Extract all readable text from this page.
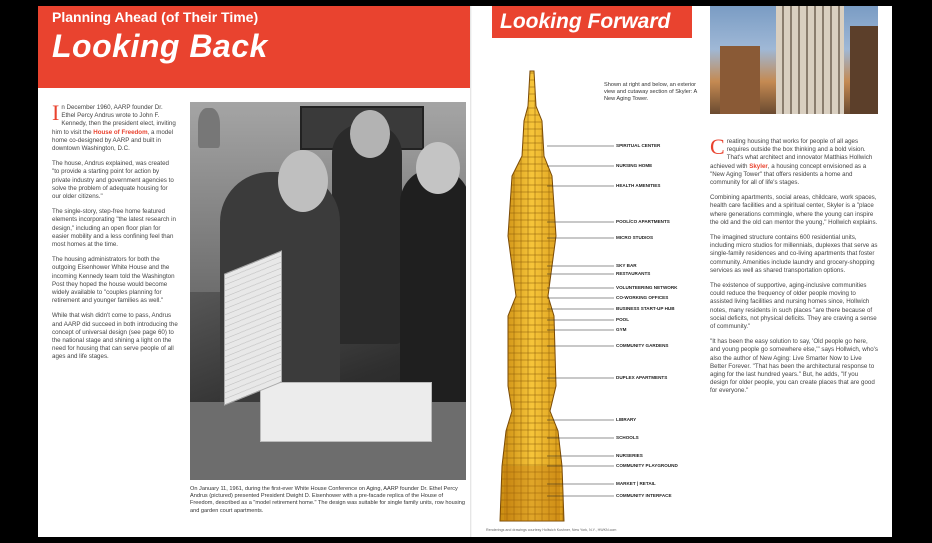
Planning Ahead (of Their Time)
Looking Back

In December 1960, AARP founder Dr. Ethel Percy Andrus wrote to John F. Kennedy, then the president elect, inviting him to visit the House of Freedom, a model home co-designed by AARP and built in downtown Washington, D.C.

The house, Andrus explained, was created "to provide a starting point for action by private industry and government agencies to solve the problem of adequate housing for our older citizens."

The single-story, step-free home featured elements incorporating "the latest research in design," including an open floor plan for easier mobility and a less confining feel than most homes at the time.

The housing administrators for both the outgoing Eisenhower White House and the incoming Kennedy team told the Washington Post they hoped the house would become widely available to "couples planning for retirement and younger families as well."

While that wish didn't come to pass, Andrus and AARP did succeed in both introducing the concept of universal design (see page 60) to the national stage and shining a light on the need for housing that can serve people of all ages and life stages.

On January 11, 1961, during the first-ever White House Conference on Aging, AARP founder Dr. Ethel Percy Andrus (pictured) presented President Dwight D. Eisenhower with a pre-facade replica of the House of Freedom, described as a "model retirement home." The design was suitable for single family units, row housing and garden court apartments.
Looking Forward
Shown at right and below, an exterior view and cutaway section of Skyler: A New Aging Tower.
SPIRITUAL CENTER
NURSING HOME
HEALTH AMENITIES
POOL/CO APARTMENTS
MICRO STUDIOS
SKY BAR
RESTAURANTS
VOLUNTEERING NETWORK
CO-WORKING OFFICES
BUSINESS START-UP HUB
POOL
GYM
COMMUNITY GARDENS
DUPLEX APARTMENTS
LIBRARY
SCHOOLS
NURSERIES
COMMUNITY PLAYGROUND
MARKET | RETAIL
COMMUNITY INTERFACE

Creating housing that works for people of all ages requires outside the box thinking and a bold vision. That's what architect and innovator Matthias Hollwich achieved with Skyler, a housing concept envisioned as a "New Aging Tower" that offers residents a home and community for all of life's stages.

Combining apartments, social areas, childcare, work spaces, health care facilities and a spiritual center, Skyler is a "place where generations commingle, where the young can inspire the old and the old can mentor the young," Hollwich explains.

The imagined structure contains 600 residential units, including micro studios for millennials, duplexes that serve as single-family residences and co-living apartments that foster community. Amenities include laundry and grocery-shopping services as well as shared transportation options.

The existence of supportive, aging-inclusive communities could reduce the frequency of older people moving to assisted living facilities and nursing homes since, Hollwich notes, many residents in such places "are there because of social deficits, not physical deficits. They are craving a sense of community."

"It has been the easy solution to say, 'Old people go here, and young people go somewhere else,'" says Hollwich, who's also the author of New Aging: Live Smarter Now to Live Better Forever. "That has been the architectural response to aging for the last hundred years." But, he adds, "If you design for older people, you can create places that are good for everyone."

Renderings and drawings courtesy Hollwich Kushner, New York, N.Y., HWKN.com
